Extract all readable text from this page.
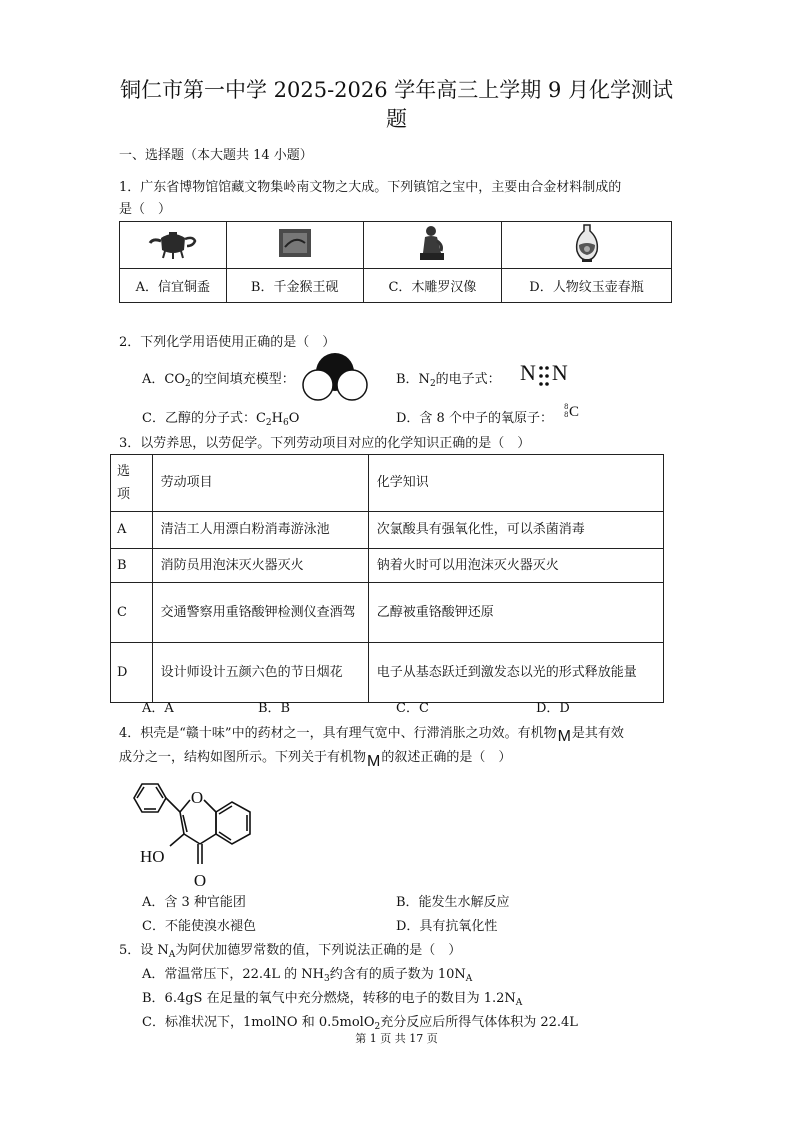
铜仁市第一中学 2025-2026 学年高三上学期 9 月化学测试
题
一、选择题（本大题共 14 小题）
1．广东省博物馆馆藏文物集岭南文物之大成。下列镇馆之宝中，主要由合金材料制成的
是（　）

A．信宜铜盉	B．千金猴王砚	C．木雕罗汉像	D．人物纹玉壶春瓶
2．下列化学用语使用正确的是（　）
A．$CO_2$的空间填充模型：	B．$N_2$的电子式： N N
C．乙醇的分子式：$C_2H_6O$	D．含 8 个中子的氧原子：
8
8 C
3．以劳养思，以劳促学。下列劳动项目对应的化学知识正确的是（　）
选项	劳动项目	化学知识
A	清洁工人用漂白粉消毒游泳池	次氯酸具有强氧化性，可以杀菌消毒
B	消防员用泡沫灭火器灭火	钠着火时可以用泡沫灭火器灭火
C	交通警察用重铬酸钾检测仪查酒驾	乙醇被重铬酸钾还原
D	设计师设计五颜六色的节日烟花	电子从基态跃迁到激发态以光的形式释放能量
A．A	B．B	C．C	D．D
4．枳壳是“赣十味”中的药材之一，具有理气宽中、行滞消胀之功效。有机物M是其有效
成分之一，结构如图所示。下列关于有机物M的叙述正确的是（　）
O
HO
O
A．含 3 种官能团	B．能发生水解反应
C．不能使溴水褪色	D．具有抗氧化性
5．设 $N_A$为阿伏加德罗常数的值，下列说法正确的是（　）
A．常温常压下，22.4L 的 $NH_3$约含有的质子数为 $10N_A$
B．6.4gS 在足量的氧气中充分燃烧，转移的电子的数目为 $1.2N_A$
C．标准状况下，1molNO 和 0.5molO$_2$充分反应后所得气体体积为 22.4L
第 1 页 共 17 页
